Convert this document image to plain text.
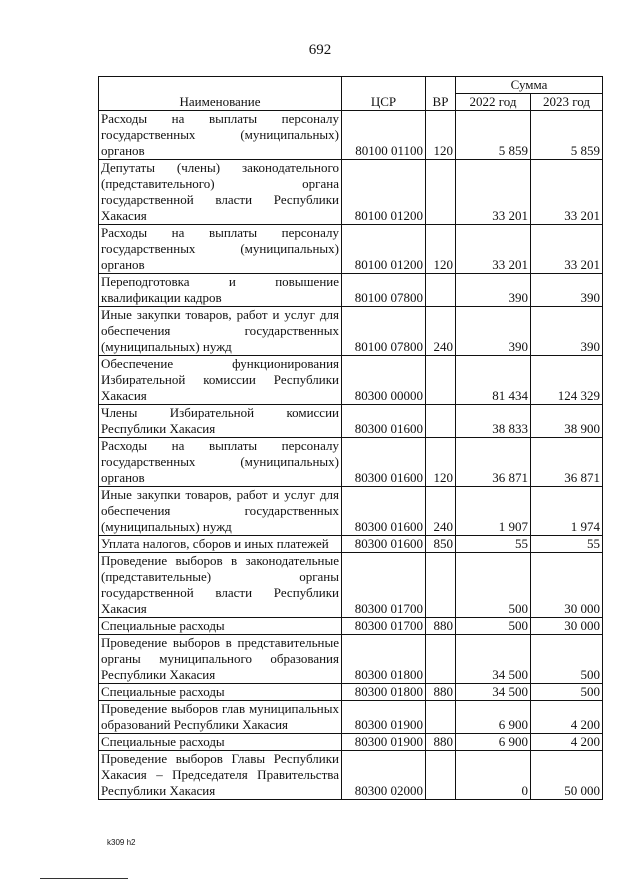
692
Наименование	ЦСР	ВР	Сумма	
			2022 год	2023 год
Расходы на выплаты персоналу государственных (муниципальных) органов	80100 01100	120	5 859	5 859
Депутаты (члены) законодательного (представительного) органа государственной власти Республики Хакасия	80100 01200		33 201	33 201
Расходы на выплаты персоналу государственных (муниципальных) органов	80100 01200	120	33 201	33 201
Переподготовка и повышение квалификации кадров	80100 07800		390	390
Иные закупки товаров, работ и услуг для обеспечения государственных (муниципальных) нужд	80100 07800	240	390	390
Обеспечение функционирования Избирательной комиссии Республики Хакасия	80300 00000		81 434	124 329
Члены Избирательной комиссии Республики Хакасия	80300 01600		38 833	38 900
Расходы на выплаты персоналу государственных (муниципальных) органов	80300 01600	120	36 871	36 871
Иные закупки товаров, работ и услуг для обеспечения государственных (муниципальных) нужд	80300 01600	240	1 907	1 974
Уплата налогов, сборов и иных платежей	80300 01600	850	55	55
Проведение выборов в законодательные (представительные) органы государственной власти Республики Хакасия	80300 01700		500	30 000
Специальные расходы	80300 01700	880	500	30 000
Проведение выборов в представительные органы муниципального образования Республики Хакасия	80300 01800		34 500	500
Специальные расходы	80300 01800	880	34 500	500
Проведение выборов глав муниципальных образований Республики Хакасия	80300 01900		6 900	4 200
Специальные расходы	80300 01900	880	6 900	4 200
Проведение выборов Главы Республики Хакасия – Председателя Правительства Республики Хакасия	80300 02000		0	50 000
k309 h2
